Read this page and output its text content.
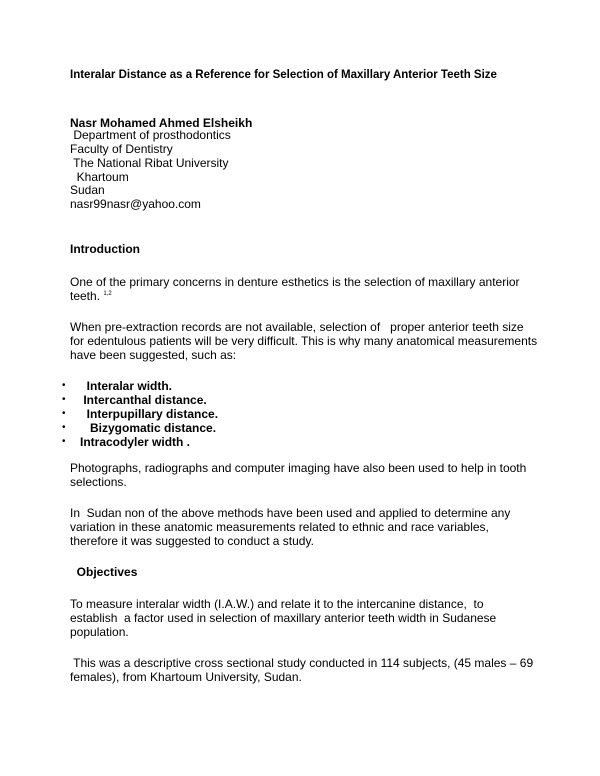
Interalar Distance as a Reference for Selection of Maxillary Anterior Teeth Size
Nasr Mohamed Ahmed Elsheikh
Department of prosthodontics
Faculty of Dentistry
The National Ribat University
Khartoum
Sudan
nasr99nasr@yahoo.com
Introduction
One of the primary concerns in denture esthetics is the selection of maxillary anterior
teeth. $^{1,2}$
When pre-extraction records are not available, selection of   proper anterior teeth size
for edentulous patients will be very difficult. This is why many anatomical measurements
have been suggested, such as:
• Interalar width.
• Intercanthal distance.
• Interpupillary distance.
• Bizygomatic distance.
• Intracodyler width .
Photographs, radiographs and computer imaging have also been used to help in tooth
selections.
In  Sudan non of the above methods have been used and applied to determine any
variation in these anatomic measurements related to ethnic and race variables,
therefore it was suggested to conduct a study.
Objectives
To measure interalar width (I.A.W.) and relate it to the intercanine distance,  to
establish  a factor used in selection of maxillary anterior teeth width in Sudanese
population.
This was a descriptive cross sectional study conducted in 114 subjects, (45 males – 69
females), from Khartoum University, Sudan.
